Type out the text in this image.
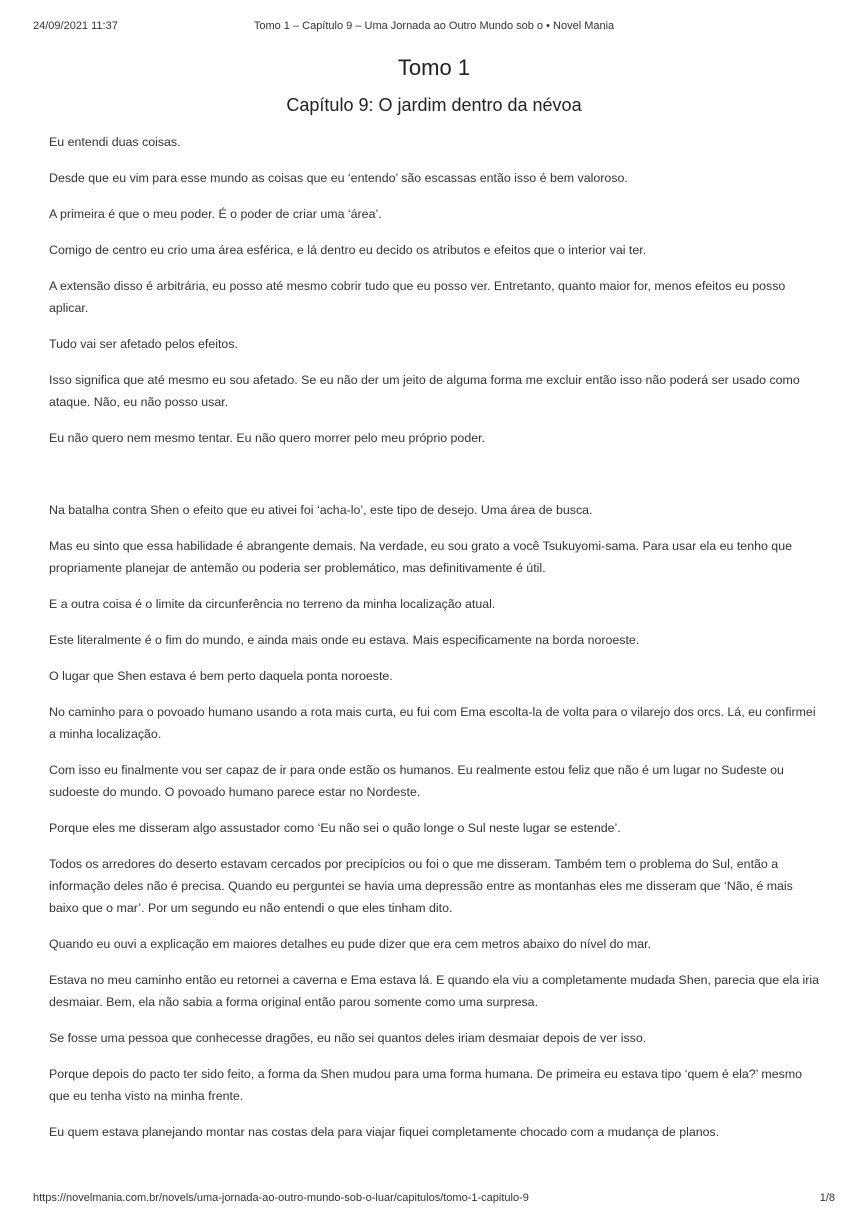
24/09/2021 11:37	Tomo 1 – Capítulo 9 – Uma Jornada ao Outro Mundo sob o • Novel Mania
Tomo 1
Capítulo 9: O jardim dentro da névoa

Eu entendi duas coisas.

Desde que eu vim para esse mundo as coisas que eu ‘entendo’ são escassas então isso é bem valoroso.

A primeira é que o meu poder. É o poder de criar uma ‘área’.

Comigo de centro eu crio uma área esférica, e lá dentro eu decido os atributos e efeitos que o interior vai ter.

A extensão disso é arbitrária, eu posso até mesmo cobrir tudo que eu posso ver. Entretanto, quanto maior for, menos efeitos eu posso aplicar.

Tudo vai ser afetado pelos efeitos.

Isso significa que até mesmo eu sou afetado. Se eu não der um jeito de alguma forma me excluir então isso não poderá ser usado como ataque. Não, eu não posso usar.

Eu não quero nem mesmo tentar. Eu não quero morrer pelo meu próprio poder.

Na batalha contra Shen o efeito que eu ativei foi ‘acha-lo’, este tipo de desejo. Uma área de busca.

Mas eu sinto que essa habilidade é abrangente demais. Na verdade, eu sou grato a você Tsukuyomi-sama. Para usar ela eu tenho que propriamente planejar de antemão ou poderia ser problemático, mas definitivamente é útil.

E a outra coisa é o limite da circunferência no terreno da minha localização atual.

Este literalmente é o fim do mundo, e ainda mais onde eu estava. Mais especificamente na borda noroeste.

O lugar que Shen estava é bem perto daquela ponta noroeste.

No caminho para o povoado humano usando a rota mais curta, eu fui com Ema escolta-la de volta para o vilarejo dos orcs. Lá, eu confirmei a minha localização.

Com isso eu finalmente vou ser capaz de ir para onde estão os humanos. Eu realmente estou feliz que não é um lugar no Sudeste ou sudoeste do mundo. O povoado humano parece estar no Nordeste.

Porque eles me disseram algo assustador como ‘Eu não sei o quão longe o Sul neste lugar se estende’.

Todos os arredores do deserto estavam cercados por precipícios ou foi o que me disseram. Também tem o problema do Sul, então a informação deles não é precisa. Quando eu perguntei se havia uma depressão entre as montanhas eles me disseram que ‘Não, é mais baixo que o mar’. Por um segundo eu não entendi o que eles tinham dito.

Quando eu ouvi a explicação em maiores detalhes eu pude dizer que era cem metros abaixo do nível do mar.

Estava no meu caminho então eu retornei a caverna e Ema estava lá. E quando ela viu a completamente mudada Shen, parecia que ela iria desmaiar. Bem, ela não sabia a forma original então parou somente como uma surpresa.

Se fosse uma pessoa que conhecesse dragões, eu não sei quantos deles iriam desmaiar depois de ver isso.

Porque depois do pacto ter sido feito, a forma da Shen mudou para uma forma humana. De primeira eu estava tipo ‘quem é ela?’ mesmo que eu tenha visto na minha frente.

Eu quem estava planejando montar nas costas dela para viajar fiquei completamente chocado com a mudança de planos.

https://novelmania.com.br/novels/uma-jornada-ao-outro-mundo-sob-o-luar/capitulos/tomo-1-capitulo-9	1/8
